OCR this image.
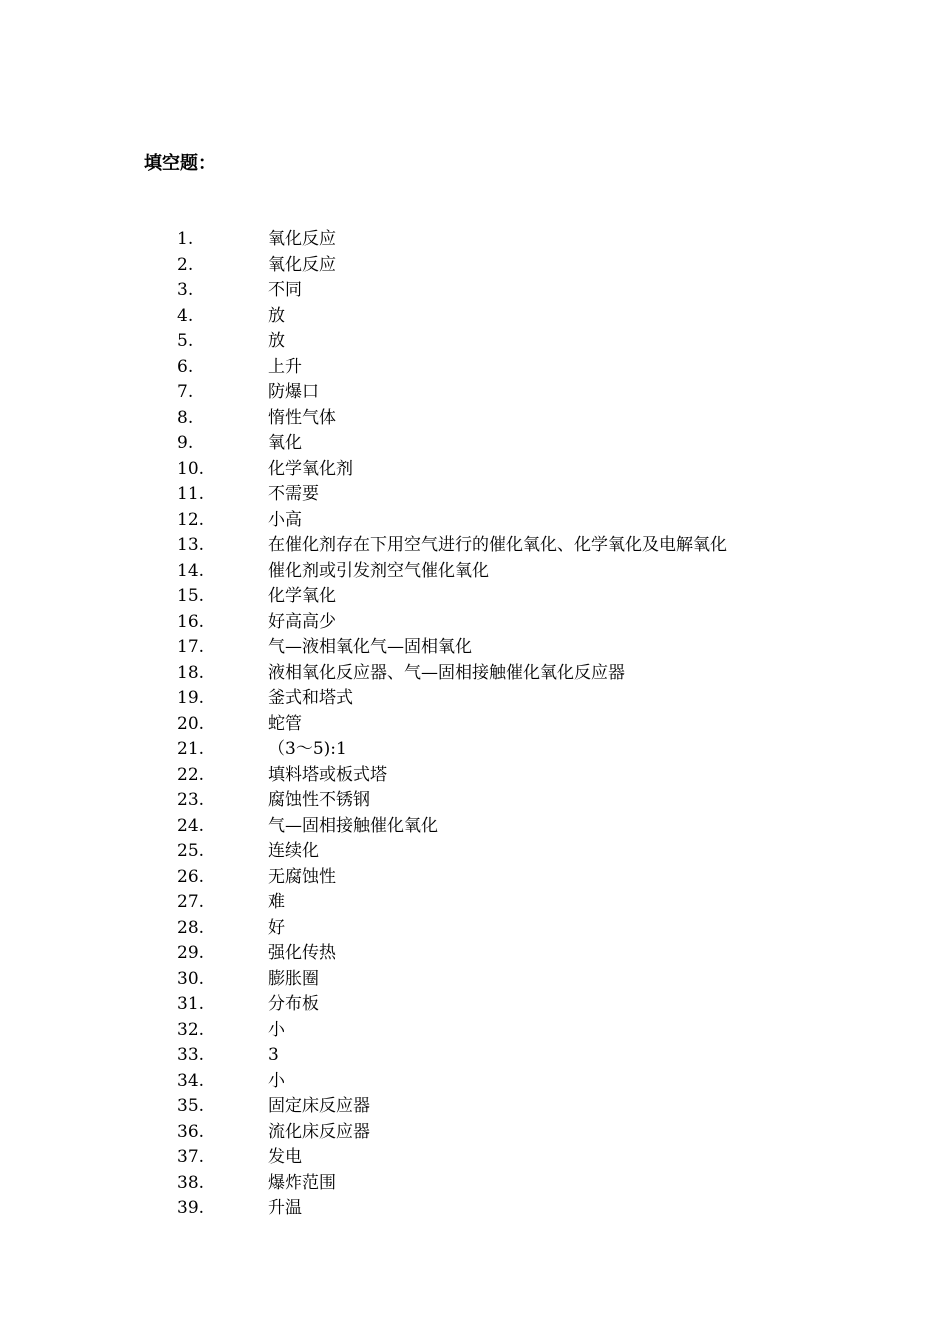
填空题：
1.	氧化反应
2.	氧化反应
3.	不同
4.	放
5.	放
6.	上升
7.	防爆口
8.	惰性气体
9.	氧化
10.	化学氧化剂
11.	不需要
12.	小高
13.	在催化剂存在下用空气进行的催化氧化、化学氧化及电解氧化
14.	催化剂或引发剂空气催化氧化
15.	化学氧化
16.	好高高少
17.	气—液相氧化气—固相氧化
18.	液相氧化反应器、气—固相接触催化氧化反应器
19.	釜式和塔式
20.	蛇管
21.	（3～5):1
22.	填料塔或板式塔
23.	腐蚀性不锈钢
24.	气—固相接触催化氧化
25.	连续化
26.	无腐蚀性
27.	难
28.	好
29.	强化传热
30.	膨胀圈
31.	分布板
32.	小
33.	3
34.	小
35.	固定床反应器
36.	流化床反应器
37.	发电
38.	爆炸范围
39.	升温
